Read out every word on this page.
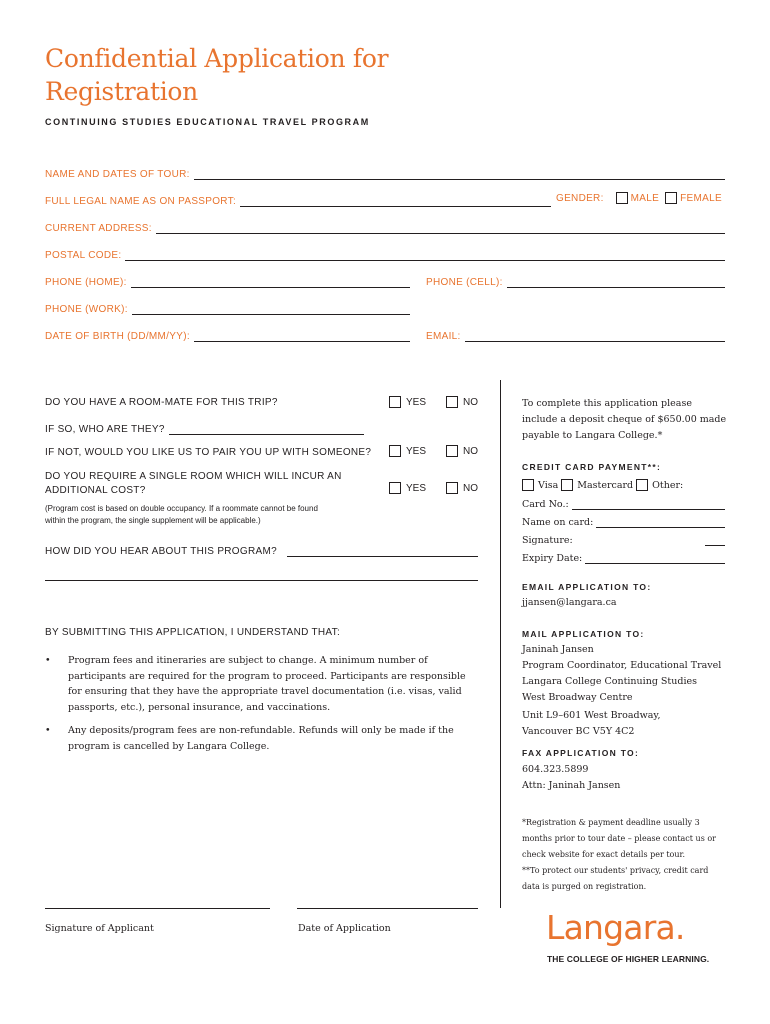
Confidential Application for
Registration
CONTINUING STUDIES EDUCATIONAL TRAVEL PROGRAM
NAME AND DATES OF TOUR:
FULL LEGAL NAME AS ON PASSPORT:	GENDER:	MALE FEMALE
CURRENT ADDRESS:
POSTAL CODE:
PHONE (HOME):	PHONE (CELL):
PHONE (WORK):
DATE OF BIRTH (DD/MM/YY):	EMAIL:
DO YOU HAVE A ROOM-MATE FOR THIS TRIP?	YES	NO
IF SO, WHO ARE THEY?
IF NOT, WOULD YOU LIKE US TO PAIR YOU UP WITH SOMEONE?	YES	NO
DO YOU REQUIRE A SINGLE ROOM WHICH WILL INCUR AN
ADDITIONAL COST?	YES	NO
(Program cost is based on double occupancy. If a roommate cannot be found
within the program, the single supplement will be applicable.)
HOW DID YOU HEAR ABOUT THIS PROGRAM?
BY SUBMITTING THIS APPLICATION, I UNDERSTAND THAT:
• Program fees and itineraries are subject to change. A minimum number of
participants are required for the program to proceed. Participants are responsible
for ensuring that they have the appropriate travel documentation (i.e. visas, valid
passports, etc.), personal insurance, and vaccinations.
• Any deposits/program fees are non-refundable. Refunds will only be made if the
program is cancelled by Langara College.
Signature of Applicant	Date of Application
To complete this application please
include a deposit cheque of $650.00 made
payable to Langara College.*
CREDIT CARD PAYMENT**:
Visa Mastercard Other:
Card No.:
Name on card:
Signature:
Expiry Date:
EMAIL APPLICATION TO:
jjansen@langara.ca
MAIL APPLICATION TO:
Janinah Jansen
Program Coordinator, Educational Travel
Langara College Continuing Studies
West Broadway Centre
Unit L9–601 West Broadway,
Vancouver BC V5Y 4C2
FAX APPLICATION TO:
604.323.5899
Attn: Janinah Jansen
*Registration & payment deadline usually 3
months prior to tour date – please contact us or
check website for exact details per tour.
**To protect our students' privacy, credit card
data is purged on registration.
Langara.
THE COLLEGE OF HIGHER LEARNING.
